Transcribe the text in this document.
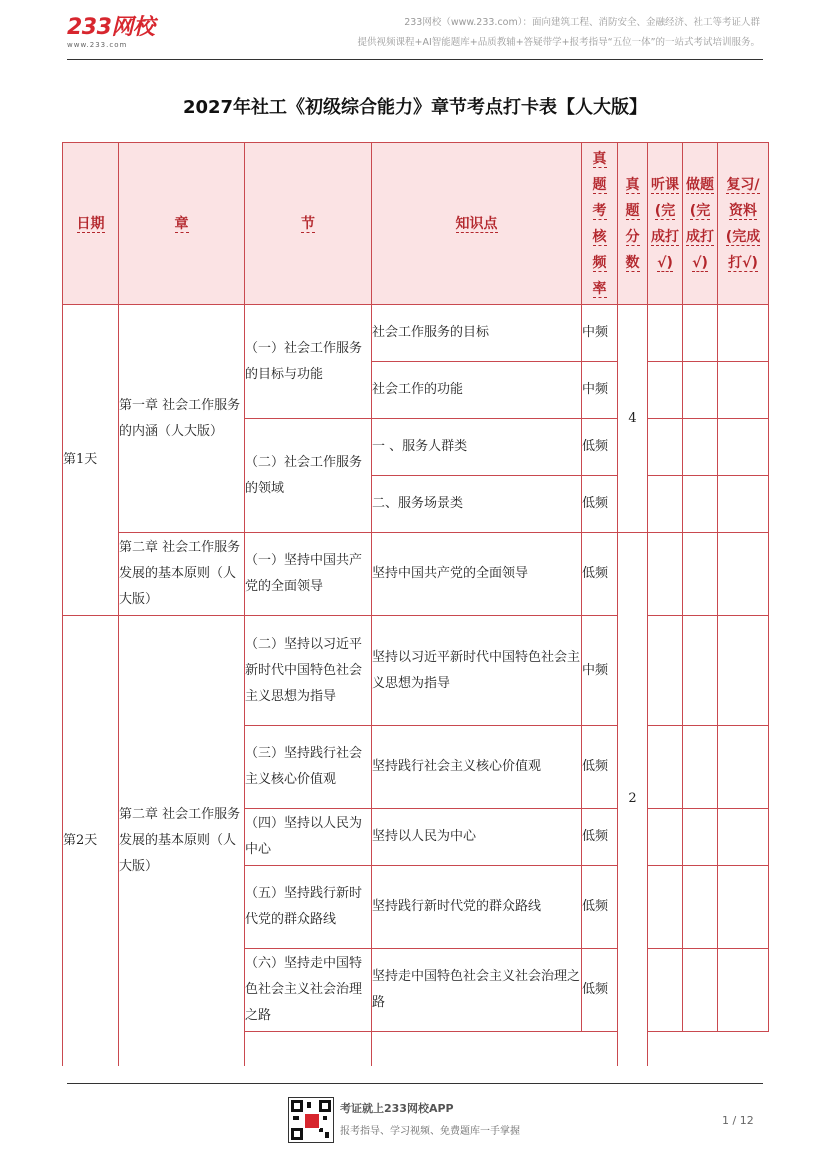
233网校
www.233.com
233网校（www.233.com）：面向建筑工程、消防安全、金融经济、社工等考证人群
提供视频课程+AI智能题库+品质教辅+答疑带学+报考指导“五位一体”的一站式考试培训服务。
2027年社工《初级综合能力》章节考点打卡表【人大版】
日期	章	节	知识点	真题考核频率	真题分数	听课(完成打√)	做题(完成打√)	复习/资料(完成打√)
第1天	第一章 社会工作服务的内涵（人大版）	（一）社会工作服务的目标与功能	社会工作服务的目标	中频	4			
			社会工作的功能	中频				
		（二）社会工作服务的领域	一 、服务人群类	低频				
			二、服务场景类	低频				
	第二章 社会工作服务发展的基本原则（人大版）	（一）坚持中国共产党的全面领导	坚持中国共产党的全面领导	低频	2			
第2天	第二章 社会工作服务发展的基本原则（人大版）	（二）坚持以习近平新时代中国特色社会主义思想为指导	坚持以习近平新时代中国特色社会主义思想为指导	中频				
		（三）坚持践行社会主义核心价值观	坚持践行社会主义核心价值观	低频				
		（四）坚持以人民为中心	坚持以人民为中心	低频				
		（五）坚持践行新时代党的群众路线	坚持践行新时代党的群众路线	低频				
		（六）坚持走中国特色社会主义社会治理之路	坚持走中国特色社会主义社会治理之路	低频				

考证就上233网校APP
报考指导、学习视频、免费题库一手掌握
1 / 12
